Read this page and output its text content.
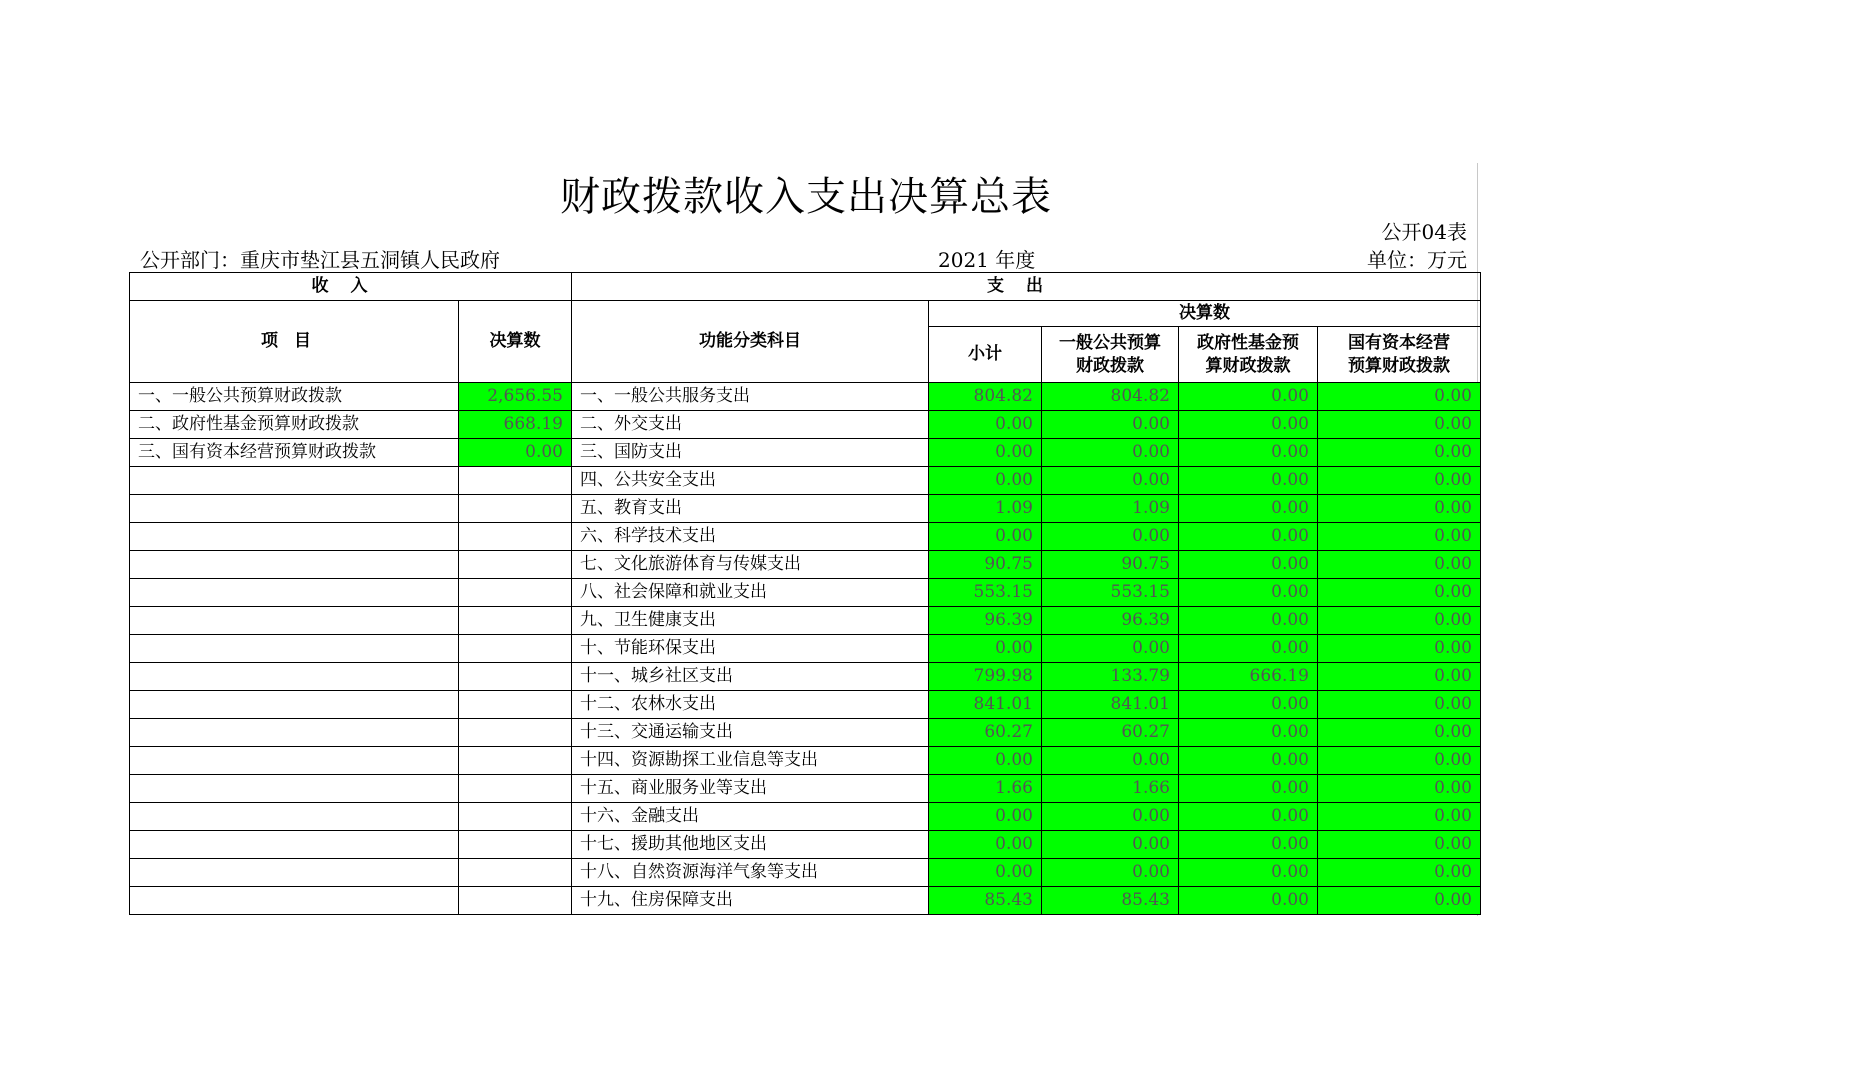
财政拨款收入支出决算总表
公开04表
公开部门：重庆市垫江县五洞镇人民政府	2021 年度	单位：万元
收入		支出				
项目	决算数	功能分类科目	决算数			
			小计	一般公共预算财政拨款	政府性基金预算财政拨款	国有资本经营预算财政拨款
一、一般公共预算财政拨款	2,656.55	一、一般公共服务支出	804.82	804.82	0.00	0.00
二、政府性基金预算财政拨款	668.19	二、外交支出	0.00	0.00	0.00	0.00
三、国有资本经营预算财政拨款	0.00	三、国防支出	0.00	0.00	0.00	0.00
		四、公共安全支出	0.00	0.00	0.00	0.00
		五、教育支出	1.09	1.09	0.00	0.00
		六、科学技术支出	0.00	0.00	0.00	0.00
		七、文化旅游体育与传媒支出	90.75	90.75	0.00	0.00
		八、社会保障和就业支出	553.15	553.15	0.00	0.00
		九、卫生健康支出	96.39	96.39	0.00	0.00
		十、节能环保支出	0.00	0.00	0.00	0.00
		十一、城乡社区支出	799.98	133.79	666.19	0.00
		十二、农林水支出	841.01	841.01	0.00	0.00
		十三、交通运输支出	60.27	60.27	0.00	0.00
		十四、资源勘探工业信息等支出	0.00	0.00	0.00	0.00
		十五、商业服务业等支出	1.66	1.66	0.00	0.00
		十六、金融支出	0.00	0.00	0.00	0.00
		十七、援助其他地区支出	0.00	0.00	0.00	0.00
		十八、自然资源海洋气象等支出	0.00	0.00	0.00	0.00
		十九、住房保障支出	85.43	85.43	0.00	0.00
